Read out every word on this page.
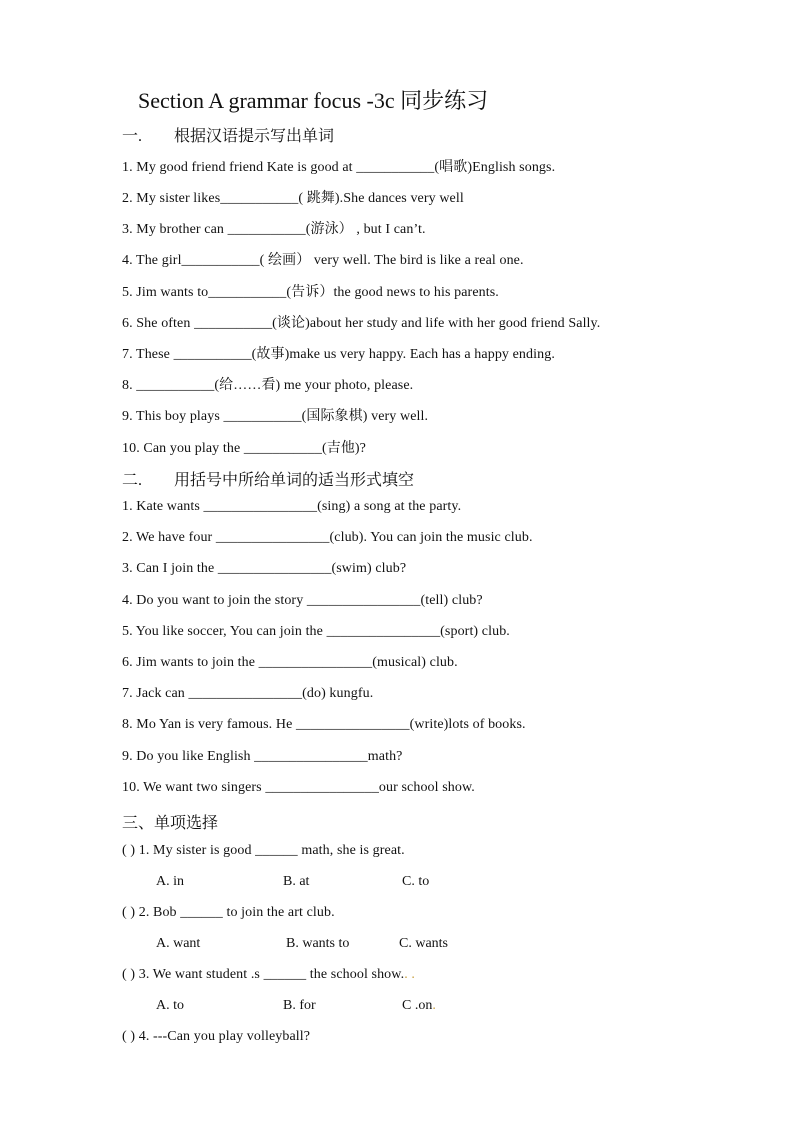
Section A grammar focus -3c 同步练习
一. 根据汉语提示写出单词
1. My good friend friend Kate is good at ___________(唱歌)English songs.
2. My sister likes___________( 跳舞).She dances very well
3. My brother can ___________(游泳） , but I can’t.
4. The girl___________( 绘画） very well. The bird is like a real one.
5. Jim wants to___________(告诉）the good news to his parents.
6. She often ___________(谈论)about her study and life with her good friend Sally.
7. These ___________(故事)make us very happy. Each has a happy ending.
8. ___________(给……看) me your photo, please.
9. This boy plays ___________(国际象棋) very well.
10. Can you play the ___________(吉他)?
二. 用括号中所给单词的适当形式填空
1. Kate wants ________________(sing) a song at the party.
2. We have four ________________(club). You can join the music club.
3. Can I join the ________________(swim) club?
4. Do you want to join the story ________________(tell) club?
5. You like soccer, You can join the ________________(sport) club.
6. Jim wants to join the ________________(musical) club.
7. Jack can ________________(do) kungfu.
8. Mo Yan is very famous. He ________________(write)lots of books.
9. Do you like English ________________math?
10. We want two singers ________________our school show.
三、单项选择
( ) 1. My sister is good ______ math, she is great.
A. in	B. at	C. to
( ) 2. Bob ______ to join the art club.
A. want	B. wants to	C. wants
( ) 3. We want student .s ______ the school show.. .
A. to	B. for	C .on.
( ) 4. ---Can you play volleyball?
